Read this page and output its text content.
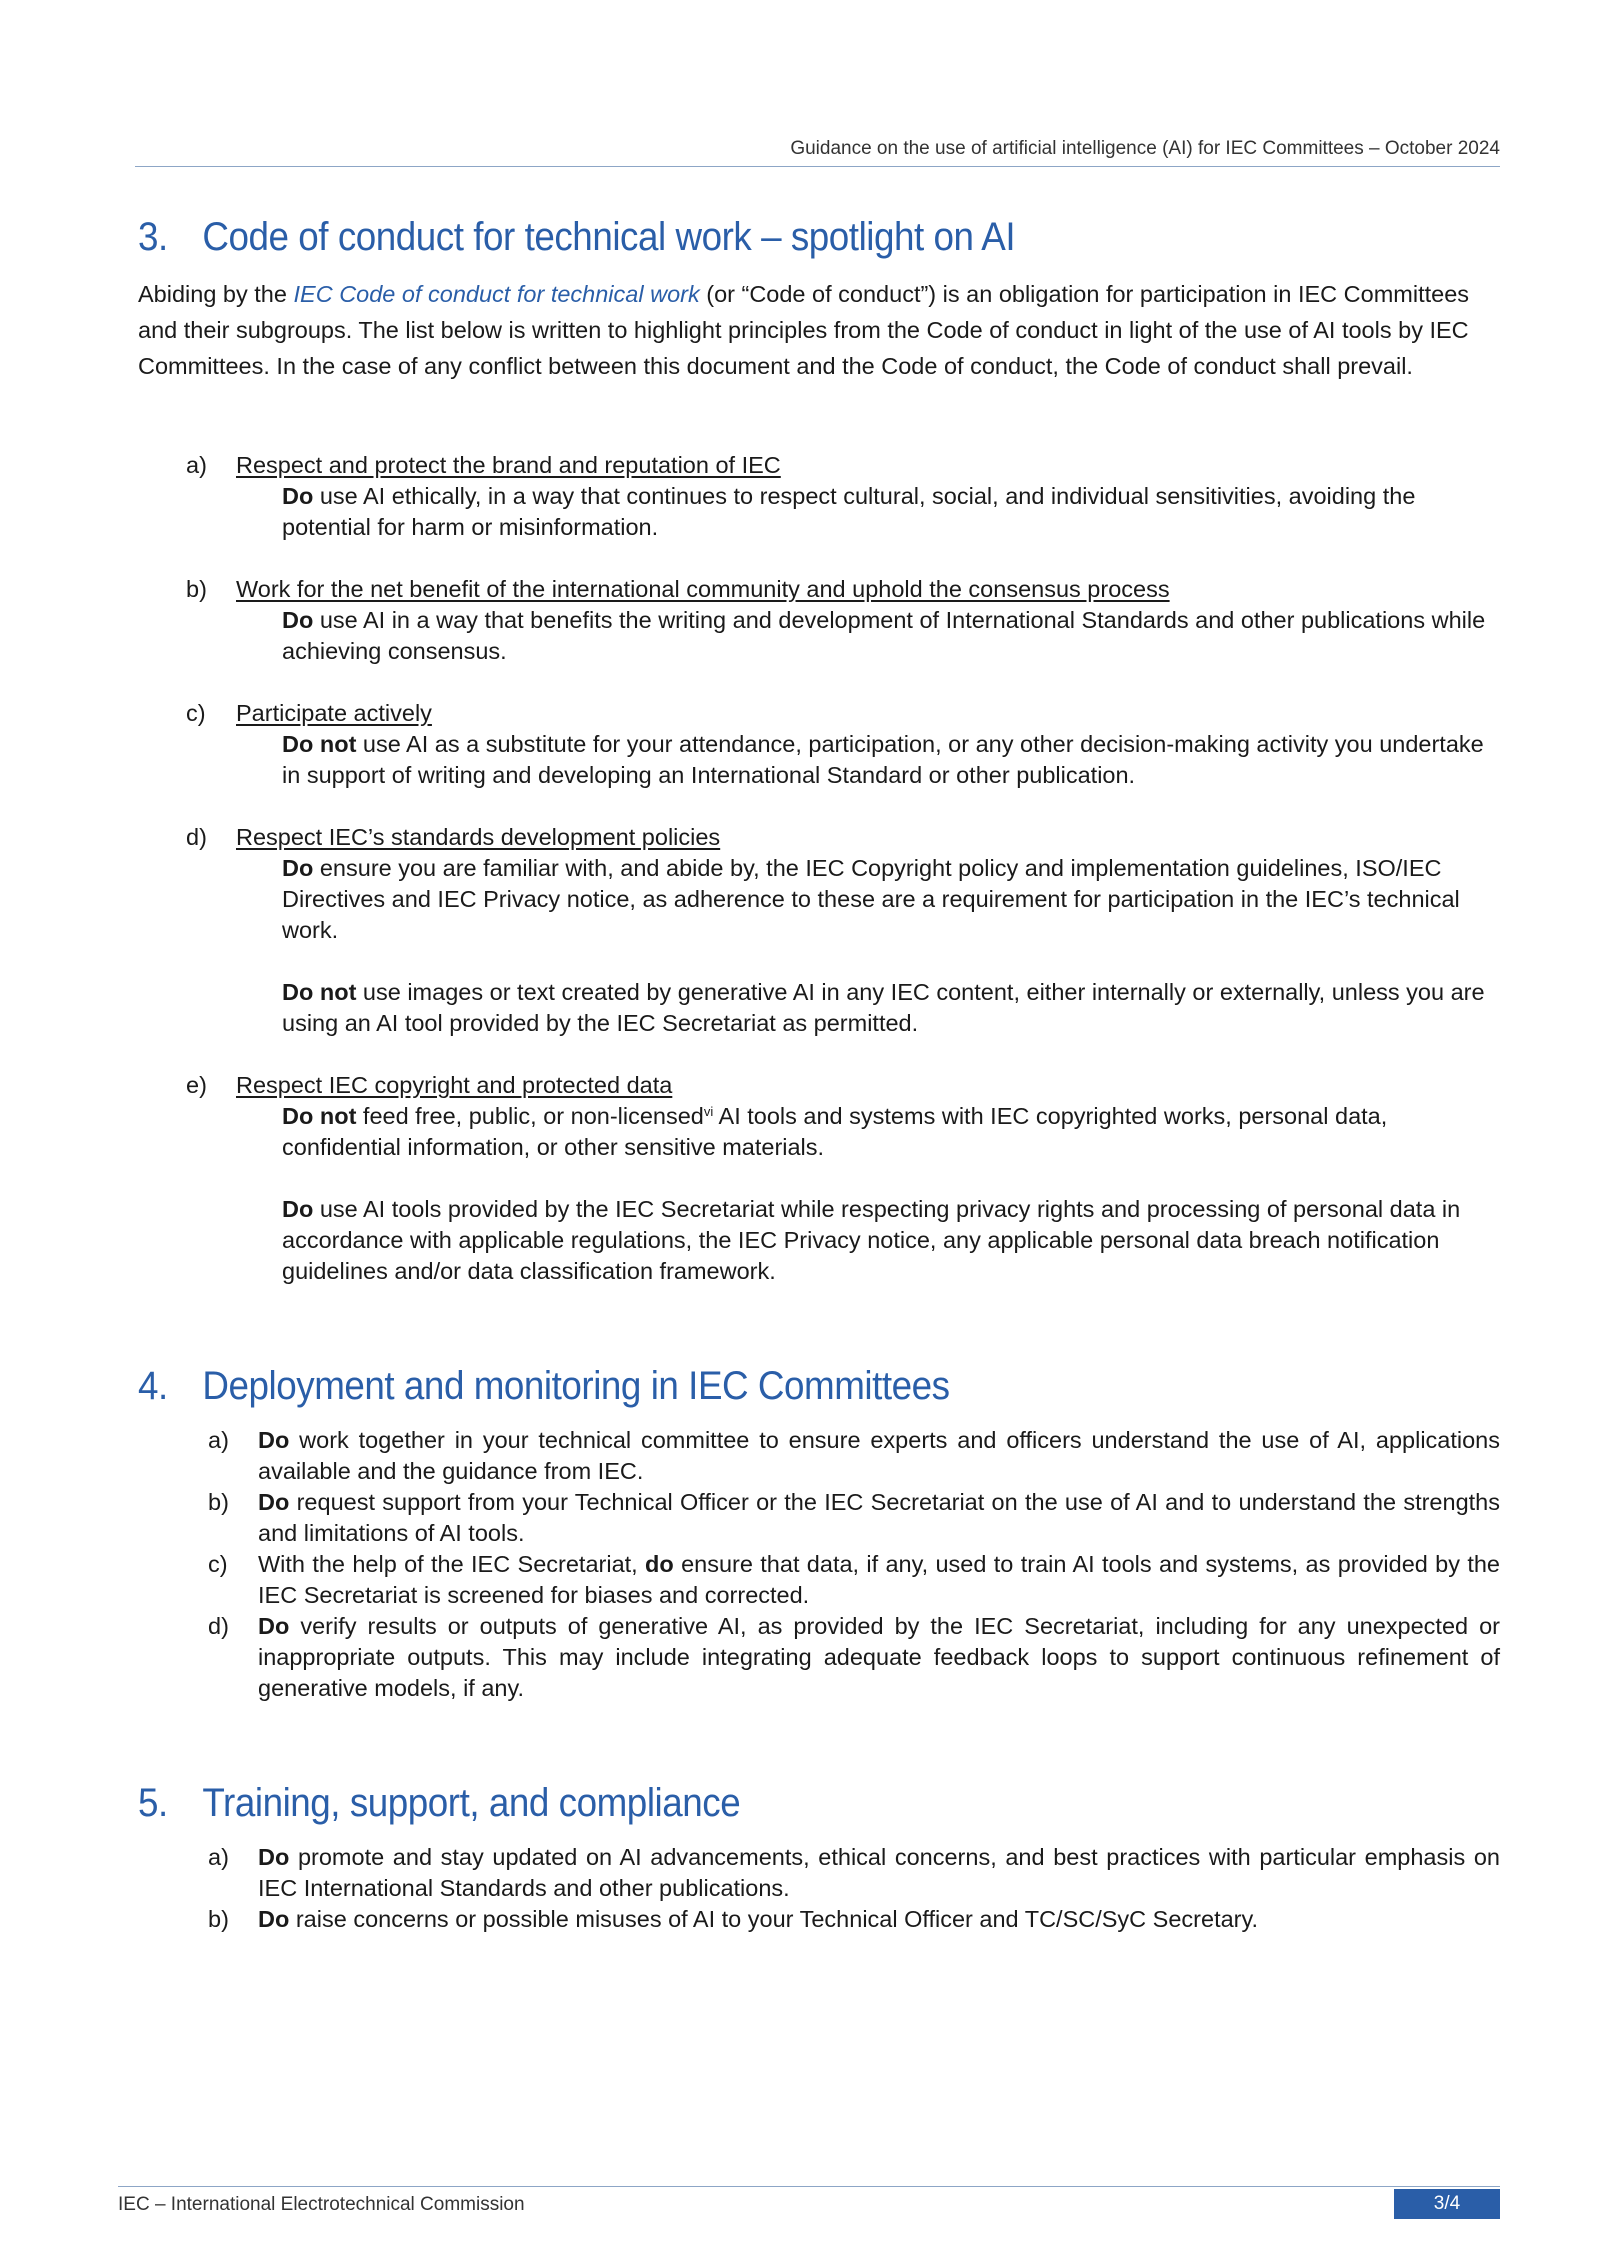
Guidance on the use of artificial intelligence (AI) for IEC Committees – October 2024
3. Code of conduct for technical work – spotlight on AI

Abiding by the IEC Code of conduct for technical work (or “Code of conduct”) is an obligation for participation in IEC Committees and their subgroups. The list below is written to highlight principles from the Code of conduct in light of the use of AI tools by IEC Committees. In the case of any conflict between this document and the Code of conduct, the Code of conduct shall prevail.

a)	Respect and protect the brand and reputation of IEC
Do use AI ethically, in a way that continues to respect cultural, social, and individual sensitivities, avoiding the potential for harm or misinformation.
b)	Work for the net benefit of the international community and uphold the consensus process
Do use AI in a way that benefits the writing and development of International Standards and other publications while achieving consensus.
c)	Participate actively
Do not use AI as a substitute for your attendance, participation, or any other decision-making activity you undertake in support of writing and developing an International Standard or other publication.
d)	Respect IEC’s standards development policies
Do ensure you are familiar with, and abide by, the IEC Copyright policy and implementation guidelines, ISO/IEC Directives and IEC Privacy notice, as adherence to these are a requirement for participation in the IEC’s technical work.
Do not use images or text created by generative AI in any IEC content, either internally or externally, unless you are using an AI tool provided by the IEC Secretariat as permitted.
e)	Respect IEC copyright and protected data
Do not feed free, public, or non-licensed$^{vi}$ AI tools and systems with IEC copyrighted works, personal data, confidential information, or other sensitive materials.
Do use AI tools provided by the IEC Secretariat while respecting privacy rights and processing of personal data in accordance with applicable regulations, the IEC Privacy notice, any applicable personal data breach notification guidelines and/or data classification framework.
4. Deployment and monitoring in IEC Committees
a) Do work together in your technical committee to ensure experts and officers understand the use of AI, applications available and the guidance from IEC.
b) Do request support from your Technical Officer or the IEC Secretariat on the use of AI and to understand the strengths and limitations of AI tools.
c) With the help of the IEC Secretariat, do ensure that data, if any, used to train AI tools and systems, as provided by the IEC Secretariat is screened for biases and corrected.
d) Do verify results or outputs of generative AI, as provided by the IEC Secretariat, including for any unexpected or inappropriate outputs. This may include integrating adequate feedback loops to support continuous refinement of generative models, if any.
5. Training, support, and compliance
a) Do promote and stay updated on AI advancements, ethical concerns, and best practices with particular emphasis on IEC International Standards and other publications.
b) Do raise concerns or possible misuses of AI to your Technical Officer and TC/SC/SyC Secretary.
IEC – International Electrotechnical Commission	3/4
